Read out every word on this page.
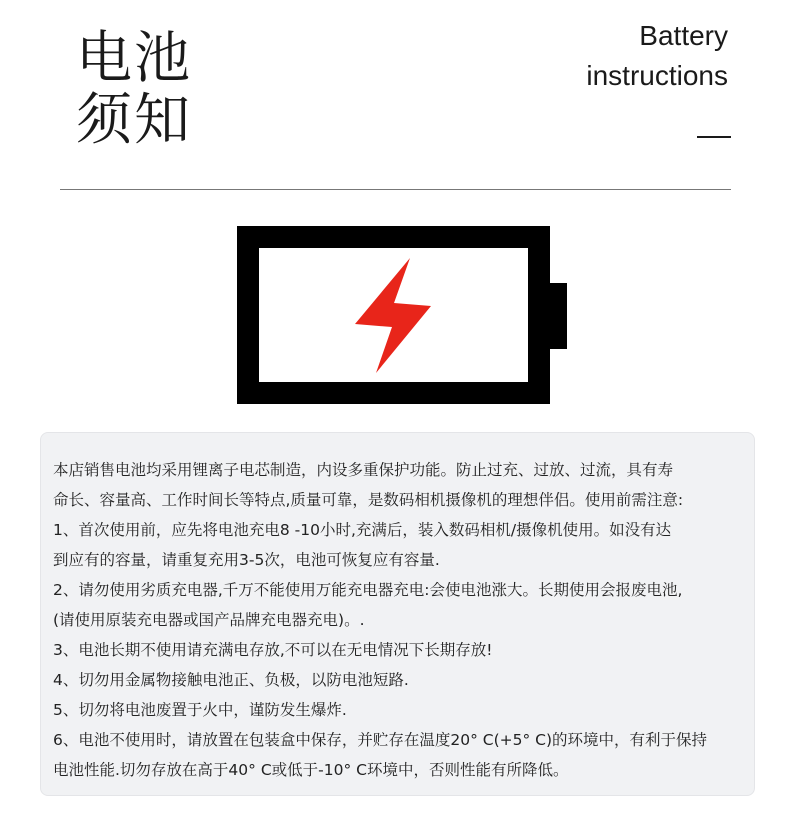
电池
须知
Battery
instructions

本店销售电池均采用锂离子电芯制造，内设多重保护功能。防止过充、过放、过流，具有寿

命长、容量高、工作时间长等特点,质量可靠，是数码相机摄像机的理想伴侣。使用前需注意:

1、首次使用前，应先将电池充电8 -10小时,充满后，装入数码相机/摄像机使用。如没有达

到应有的容量，请重复充用3-5次，电池可恢复应有容量.

2、请勿使用劣质充电器,千万不能使用万能充电器充电:会使电池涨大。长期使用会报废电池,

(请使用原装充电器或国产品牌充电器充电)。.

3、电池长期不使用请充满电存放,不可以在无电情况下长期存放!

4、切勿用金属物接触电池正、负极，以防电池短路.

5、切勿将电池废置于火中，谨防发生爆炸.

6、电池不使用时，请放置在包装盒中保存，并贮存在温度20° C(+5° C)的环境中，有利于保持

电池性能.切勿存放在高于40° C或低于-10° C环境中，否则性能有所降低。
